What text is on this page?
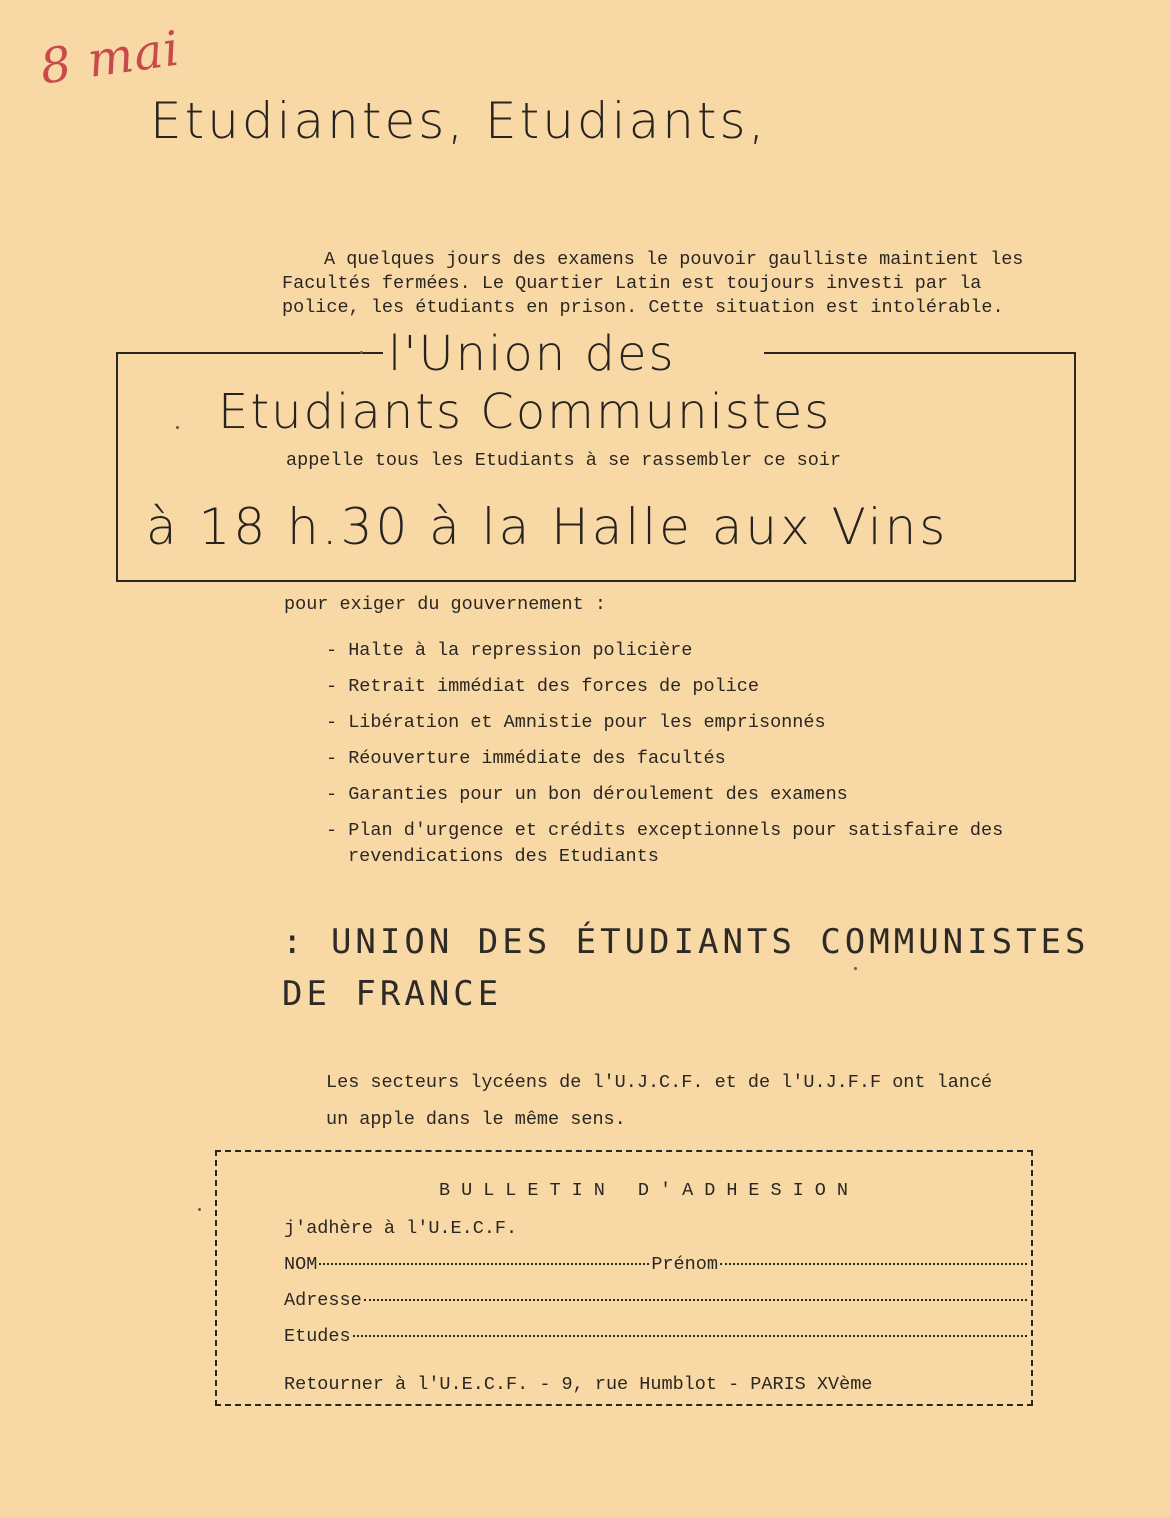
8 mai
Etudiantes, Etudiants,
A quelques jours des examens le pouvoir gaulliste maintient les
Facultés fermées. Le Quartier Latin est toujours investi par la
police, les étudiants en prison. Cette situation est intolérable.
l'Union des
Etudiants Communistes
appelle tous les Etudiants à se rassembler ce soir
à 18 h.30 à la Halle aux Vins
pour exiger du gouvernement :
- Halte à la repression policière
- Retrait immédiat des forces de police
- Libération et Amnistie pour les emprisonnés
- Réouverture immédiate des facultés
- Garanties pour un bon déroulement des examens
- Plan d'urgence et crédits exceptionnels pour satisfaire des
revendications des Etudiants
: UNION DES ÉTUDIANTS COMMUNISTES
DE FRANCE
Les secteurs lycéens de l'U.J.C.F. et de l'U.J.F.F ont lancé
un apple dans le même sens.
BULLETIN D'ADHESION
j'adhère à l'U.E.C.F.
NOM	Prénom
Adresse
Etudes
Retourner à l'U.E.C.F. - 9, rue Humblot - PARIS XVème
